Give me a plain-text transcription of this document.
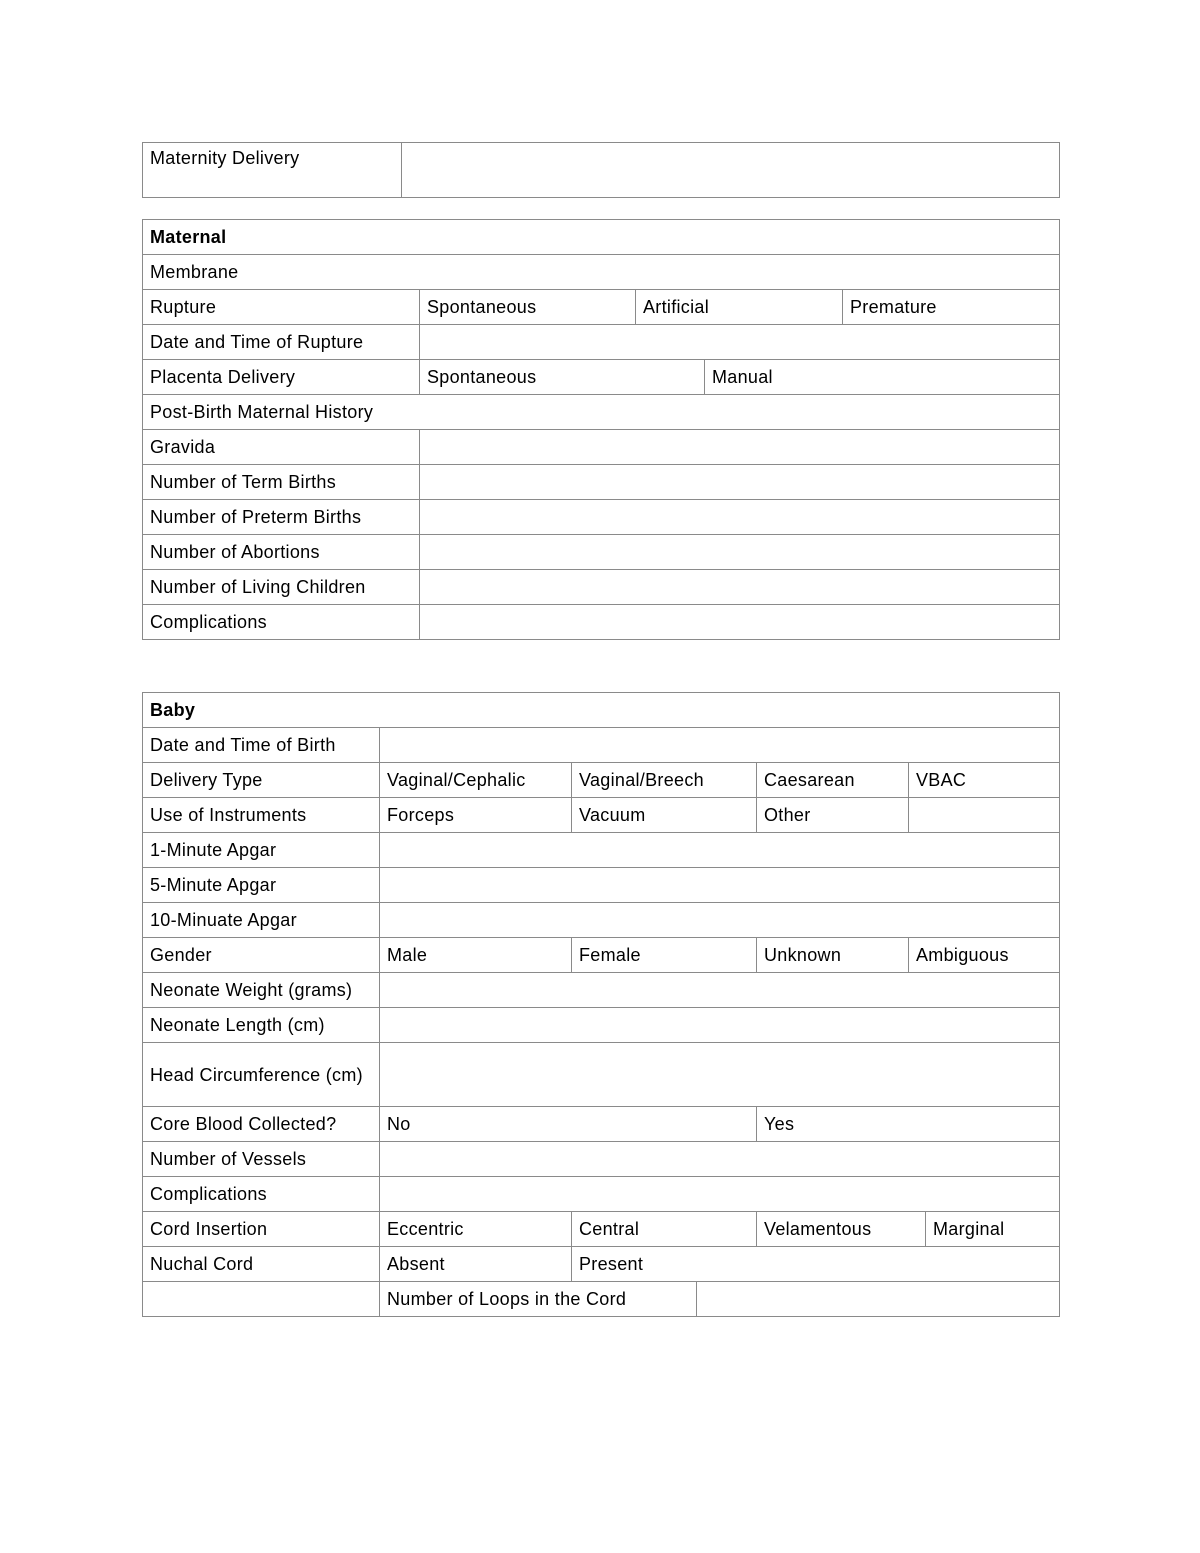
Maternity Delivery	
Maternal				
Membrane				
Rupture	Spontaneous	Artificial		Premature
Date and Time of Rupture				
Placenta Delivery	Spontaneous		Manual	
Post-Birth Maternal History				
Gravida				
Number of Term Births				
Number of Preterm Births				
Number of Abortions				
Number of Living Children				
Complications				
Baby						
Date and Time of Birth						
Delivery Type	Vaginal/Cephalic	Vaginal/Breech		Caesarean	VBAC	
Use of Instruments	Forceps	Vacuum		Other		
1-Minute Apgar						
5-Minute Apgar						
10-Minuate Apgar						
Gender	Male	Female		Unknown	Ambiguous	
Neonate Weight (grams)						
Neonate Length (cm)						
Head Circumference (cm)						
Core Blood Collected?	No			Yes		
Number of Vessels						
Complications						
Cord Insertion	Eccentric	Central		Velamentous		Marginal
Nuchal Cord	Absent	Present				
	Number of Loops in the Cord					
